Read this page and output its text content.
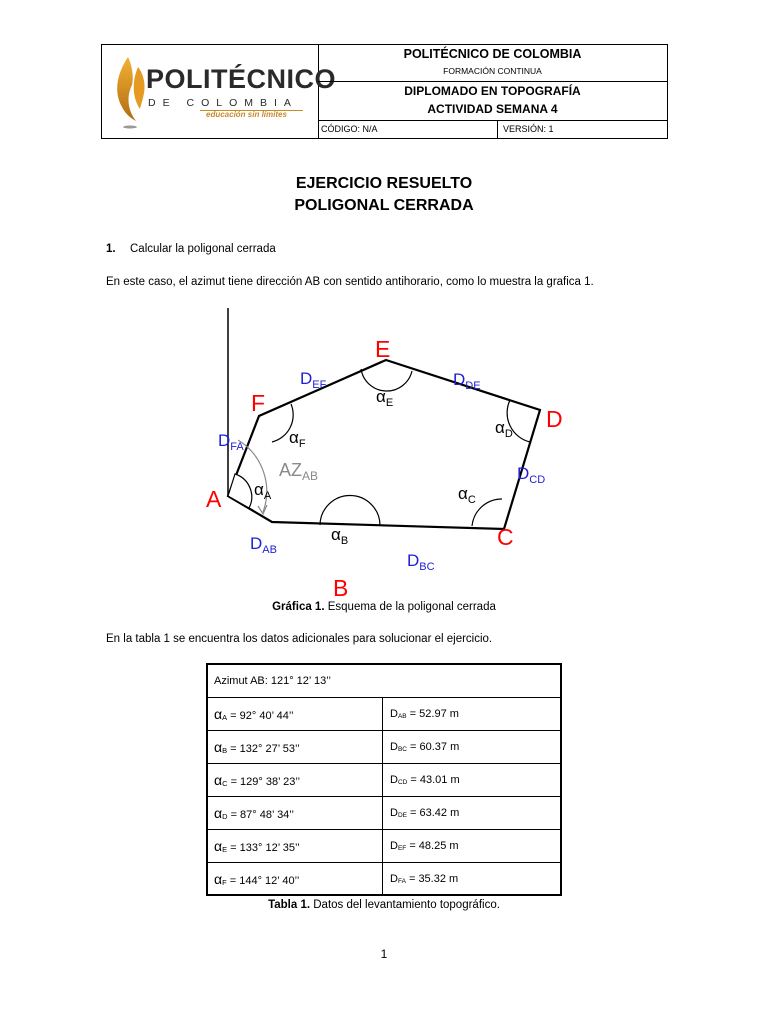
POLITÉCNICO
DE COLOMBIA
educación sin límites
POLITÉCNICO DE COLOMBIA
FORMACIÓN CONTINUA
DIPLOMADO EN TOPOGRAFÍA
ACTIVIDAD SEMANA 4
CÓDIGO: N/A	VERSIÓN: 1
EJERCICIO RESUELTO
POLIGONAL CERRADA
1. Calcular la poligonal cerrada
En este caso, el azimut tiene dirección AB con sentido antihorario, como lo muestra la grafica 1.
A
B
C
D
E
F
$D_{AB}$
$D_{BC}$
$D_{CD}$
$D_{DE}$
$D_{EF}$
$D_{FA}$
$\alpha_A$
$\alpha_B$
$\alpha_C$
$\alpha_D$
$\alpha_E$
$\alpha_F$
$AZ_{AB}$
Gráfica 1. Esquema de la poligonal cerrada
En la tabla 1 se encuentra los datos adicionales para solucionar el ejercicio.
Azimut AB: 121° 12’ 13’’
$\alpha_A = 92^\circ$ 40’ 44’’	$D_{AB} = 52.97$ m
$\alpha_B = 132^\circ$ 27’ 53’’	$D_{BC} = 60.37$ m
$\alpha_C = 129^\circ$ 38’ 23’’	$D_{CD} = 43.01$ m
$\alpha_D = 87^\circ$ 48’ 34’’	$D_{DE} = 63.42$ m
$\alpha_E = 133^\circ$ 12’ 35’’	$D_{EF} = 48.25$ m
$\alpha_F = 144^\circ$ 12’ 40’’	$D_{FA} = 35.32$ m
Tabla 1. Datos del levantamiento topográfico.
1
